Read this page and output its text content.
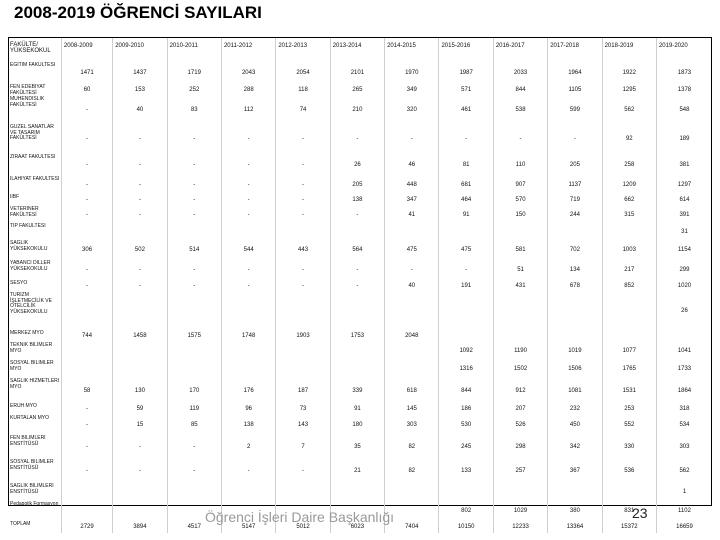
2008-2019 ÖĞRENCİ SAYILARI
FAKÜLTE/ YÜKSEKOKUL	2008-2009	2009-2010	2010-2011	2011-2012	2012-2013	2013-2014	2014-2015	2015-2016	2016-2017	2017-2018	2018-2019	2019-2020
EĞİTİM FAKÜLTESİ	1471	1437	1719	2043	2054	2101	1970	1987	2033	1964	1922	1873
FEN EDEBİYAT FAKÜLTESİ	60	153	252	288	118	265	349	571	844	1105	1295	1378
MÜHENDİSLİK FAKÜLTESİ	-	40	83	112	74	210	320	461	538	599	562	548
GÜZEL SANATLAR VE TASARIM FAKÜLTESİ	-	-	-	-	-	-	-	-	-	-	92	189
ZİRAAT FAKÜLTESİ	-	-	-	-	-	26	46	81	110	205	258	381
İLAHİYAT FAKÜLTESİ	-	-	-	-	-	205	448	681	907	1137	1209	1297
İİBF	-	-	-	-	-	138	347	464	570	719	662	614
VETERİNER FAKÜLTESİ	-	-	-	-	-	-	41	91	150	244	315	391
TIP FAKÜLTESİ												31
SAĞLIK YÜKSEKOKULU	306	502	514	544	443	564	475	475	581	702	1003	1154
YABANCI DİLLER YÜKSEKOKULU	-	-	-	-	-	-	-	-	51	134	217	299
SESYO	-	-	-	-	-	-	40	191	431	678	852	1020
TURİZM İŞLETMECİLİK VE OTELCİLİK YÜKSEKOKULU												26
MERKEZ MYO	744	1458	1575	1748	1903	1753	2048					
TEKNİK BİLİMLER MYO								1092	1190	1019	1077	1041
SOSYAL BİLİMLER MYO								1316	1502	1506	1765	1733
SAĞLIK HİZMETLERİ MYO	58	130	170	176	187	339	618	844	912	1081	1531	1864
ERUH MYO	-	59	119	96	73	91	145	186	207	232	253	318
KURTALAN MYO	-	15	85	138	143	180	303	530	526	450	552	534
FEN BİLİMLERİ ENSTİTÜSÜ	-	-	-	2	7	35	82	245	298	342	330	303
SOSYAL BİLİMLER ENSTİTÜSÜ	-	-	-	-	-	21	82	133	257	367	536	562
SAĞLIK BİLİMLERİ ENSTİTÜSÜ												1
Pedagojik Formasyon								802	1029	380	831	1102
TOPLAM	2729	3894	4517	5147	5012	6023	7404	10150	12233	13364	15372	16659
Öğrenci İşleri Daire Başkanlığı	23
